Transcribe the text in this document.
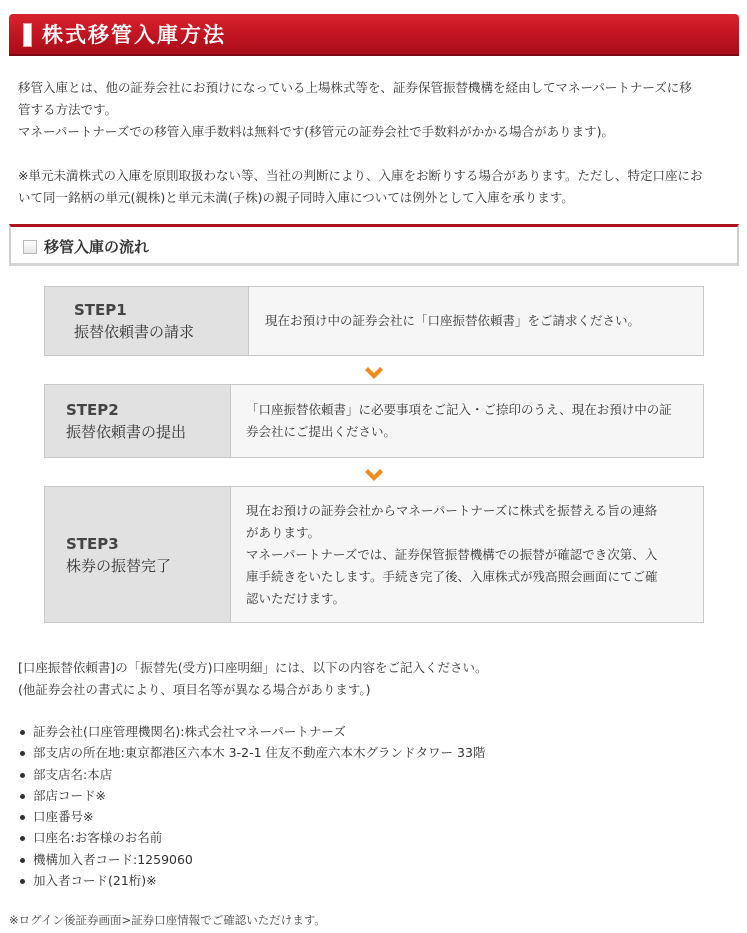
株式移管入庫方法

移管入庫とは、他の証券会社にお預けになっている上場株式等を、証券保管振替機構を経由してマネーパートナーズに移

管する方法です。

マネーパートナーズでの移管入庫手数料は無料です(移管元の証券会社で手数料がかかる場合があります)。

※単元未満株式の入庫を原則取扱わない等、当社の判断により、入庫をお断りする場合があります。ただし、特定口座にお

いて同一銘柄の単元(親株)と単元未満(子株)の親子同時入庫については例外として入庫を承ります。

移管入庫の流れ
STEP1
振替依頼書の請求
現在お預け中の証券会社に「口座振替依頼書」をご請求ください。
STEP2
振替依頼書の提出
「口座振替依頼書」に必要事項をご記入・ご捺印のうえ、現在お預け中の証
券会社にご提出ください。
STEP3
株券の振替完了
現在お預けの証券会社からマネーパートナーズに株式を振替える旨の連絡
があります。
マネーパートナーズでは、証券保管振替機構での振替が確認でき次第、入
庫手続きをいたします。手続き完了後、入庫株式が残高照会画面にてご確
認いただけます。
[口座振替依頼書]の「振替先(受方)口座明細」には、以下の内容をご記入ください。
(他証券会社の書式により、項目名等が異なる場合があります。)
証券会社(口座管理機関名):株式会社マネーパートナーズ
部支店の所在地:東京都港区六本木 3-2-1 住友不動産六本木グランドタワー 33階
部支店名:本店
部店コード※
口座番号※
口座名:お客様のお名前
機構加入者コード:1259060
加入者コード(21桁)※
※ログイン後証券画面>証券口座情報でご確認いただけます。
